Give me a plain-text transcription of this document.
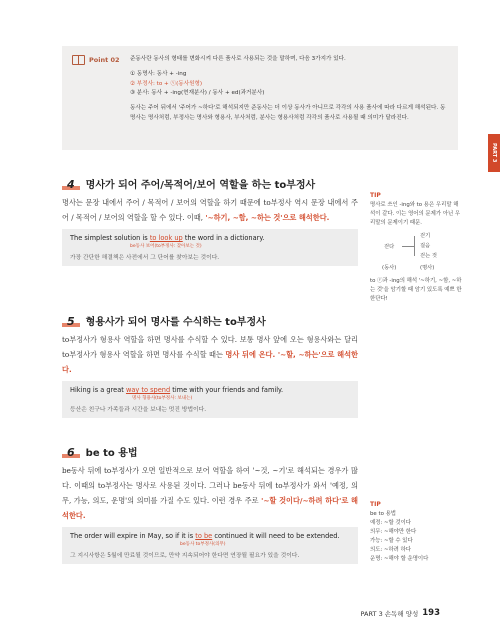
Point 02 준동사란 동사의 형태를 변화시켜 다른 품사로 사용되는 것을 말하며, 다음 3가지가 있다.

① 동명사: 동사 + -ing

② 부정사: to + ⓥ(동사원형)

③ 분사: 동사 + -ing(현재분사) / 동사 + ed(과거분사)

동사는 주어 뒤에서 '주어가 ~하다'로 해석되지만 준동사는 더 이상 동사가 아니므로 각각의 사용 품사에 따라 다르게 해석된다. 동명사는 명사처럼, 부정사는 명사와 형용사, 부사처럼, 분사는 형용사처럼 각각의 품사로 사용될 때 의미가 달라진다.

PART 3
4	명사가 되어 주어/목적어/보어 역할을 하는 to부정사
명사는 문장 내에서 주어 / 목적어 / 보어의 역할을 하기 때문에 to부정사 역시 문장 내에서 주어 / 목적어 / 보어의 역할을 할 수 있다. 이때, '~하기, ~함, ~하는 것'으로 해석한다.
The simplest solution is to look up the word in a dictionary.
be동사 보어(to부정사: 찾아보는 것)
가장 간단한 해결책은 사전에서 그 단어를 찾아보는 것이다.
TIP

명사로 쓰인 -ing와 to 용은 우리말 해석이 같다. 이는 영어의 문제가 아닌 우리말의 문제이기 때문.

걷다
걷기
걸음
걷는 것
(동사)	(명사)

to ⓥ과 -ing의 해석 '~하기, ~함, ~하는 것'을 암기할 때 암기 있도록 예쁘 한 한단다!

5	형용사가 되어 명사를 수식하는 to부정사
to부정사가 형용사 역할을 하면 명사를 수식할 수 있다. 보통 명사 앞에 오는 형용사와는 달리 to부정사가 형용사 역할을 하면 명사를 수식할 때는 명사 뒤에 온다. '~할, ~하는'으로 해석한다.
Hiking is a great way to spend time with your friends and family.
명사 형용사(to부정사: 보내는)
등산은 친구나 가족들과 시간을 보내는 멋진 방법이다.
6	be to 용법
be동사 뒤에 to부정사가 오면 일반적으로 보어 역할을 하여 '~것, ~기'로 해석되는 경우가 많다. 이때의 to부정사는 명사로 사용된 것이다. 그러나 be동사 뒤에 to부정사가 와서 '예정, 의무, 가능, 의도, 운명'의 의미를 가질 수도 있다. 이런 경우 주로 '~할 것이다/~하려 하다'로 해석한다.
The order will expire in May, so if it is to be continued it will need to be extended.
be동사 to부정사(의무)
그 지시사항은 5월에 만료될 것이므로, 만약 지속되어야 한다면 연장될 필요가 있을 것이다.
TIP

be to 용법

예정: ~할 것이다

의무: ~해야만 한다

가능: ~할 수 있다

의도: ~하려 하다

운명: ~해야 할 운명이다

PART 3 손독해 양성 193
